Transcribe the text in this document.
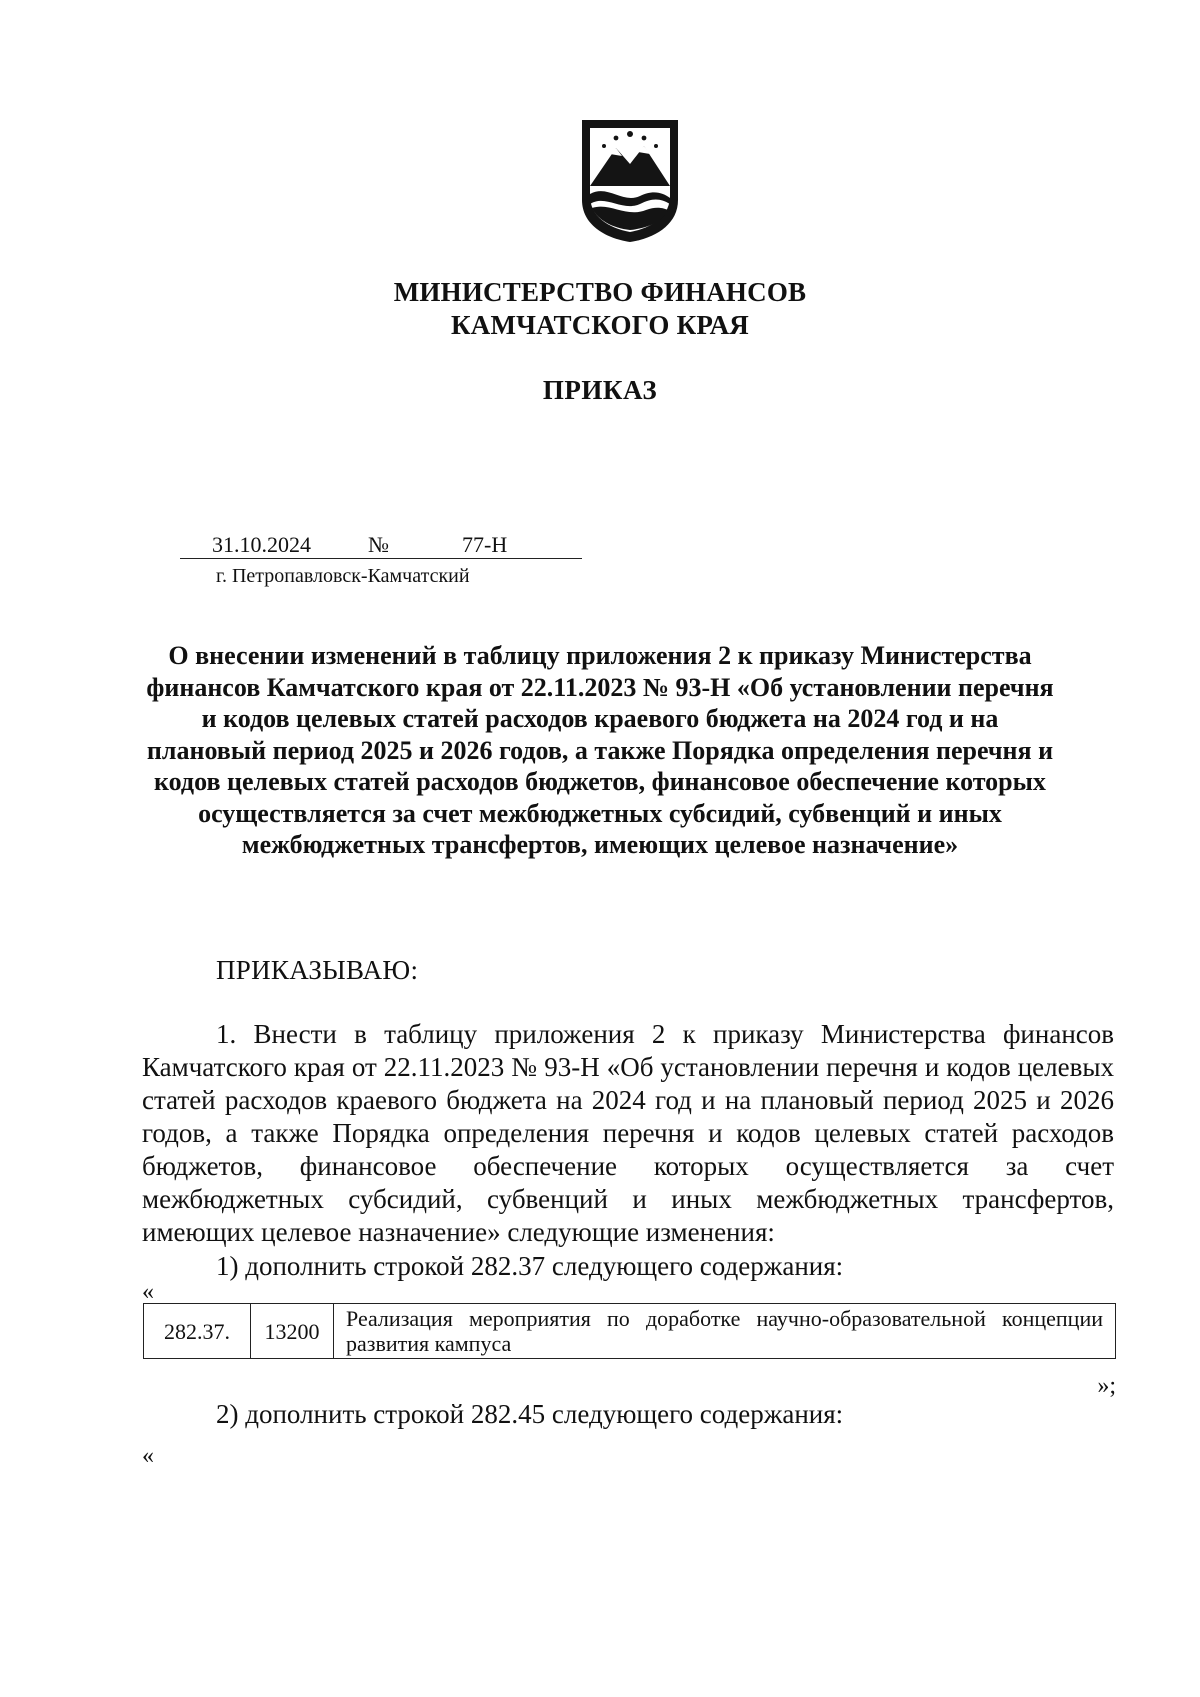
МИНИСТЕРСТВО ФИНАНСОВ
КАМЧАТСКОГО КРАЯ
ПРИКАЗ
31.10.2024	№	77-Н
г. Петропавловск-Камчатский
О внесении изменений в таблицу приложения 2 к приказу Министерства финансов Камчатского края от 22.11.2023 № 93-Н «Об установлении перечня и кодов целевых статей расходов краевого бюджета на 2024 год и на плановый период 2025 и 2026 годов, а также Порядка определения перечня и кодов целевых статей расходов бюджетов, финансовое обеспечение которых осуществляется за счет межбюджетных субсидий, субвенций и иных межбюджетных трансфертов, имеющих целевое назначение»
ПРИКАЗЫВАЮ:
1. Внести в таблицу приложения 2 к приказу Министерства финансов Камчатского края от 22.11.2023 № 93-Н «Об установлении перечня и кодов целевых статей расходов краевого бюджета на 2024 год и на плановый период 2025 и 2026 годов, а также Порядка определения перечня и кодов целевых статей расходов бюджетов, финансовое обеспечение которых осуществляется за счет межбюджетных субсидий, субвенций и иных межбюджетных трансфертов, имеющих целевое назначение» следующие изменения:
1) дополнить строкой 282.37 следующего содержания:
«
282.37.	13200	Реализация мероприятия по доработке научно-образовательной концепции развития кампуса
»;
2) дополнить строкой 282.45 следующего содержания:
«
